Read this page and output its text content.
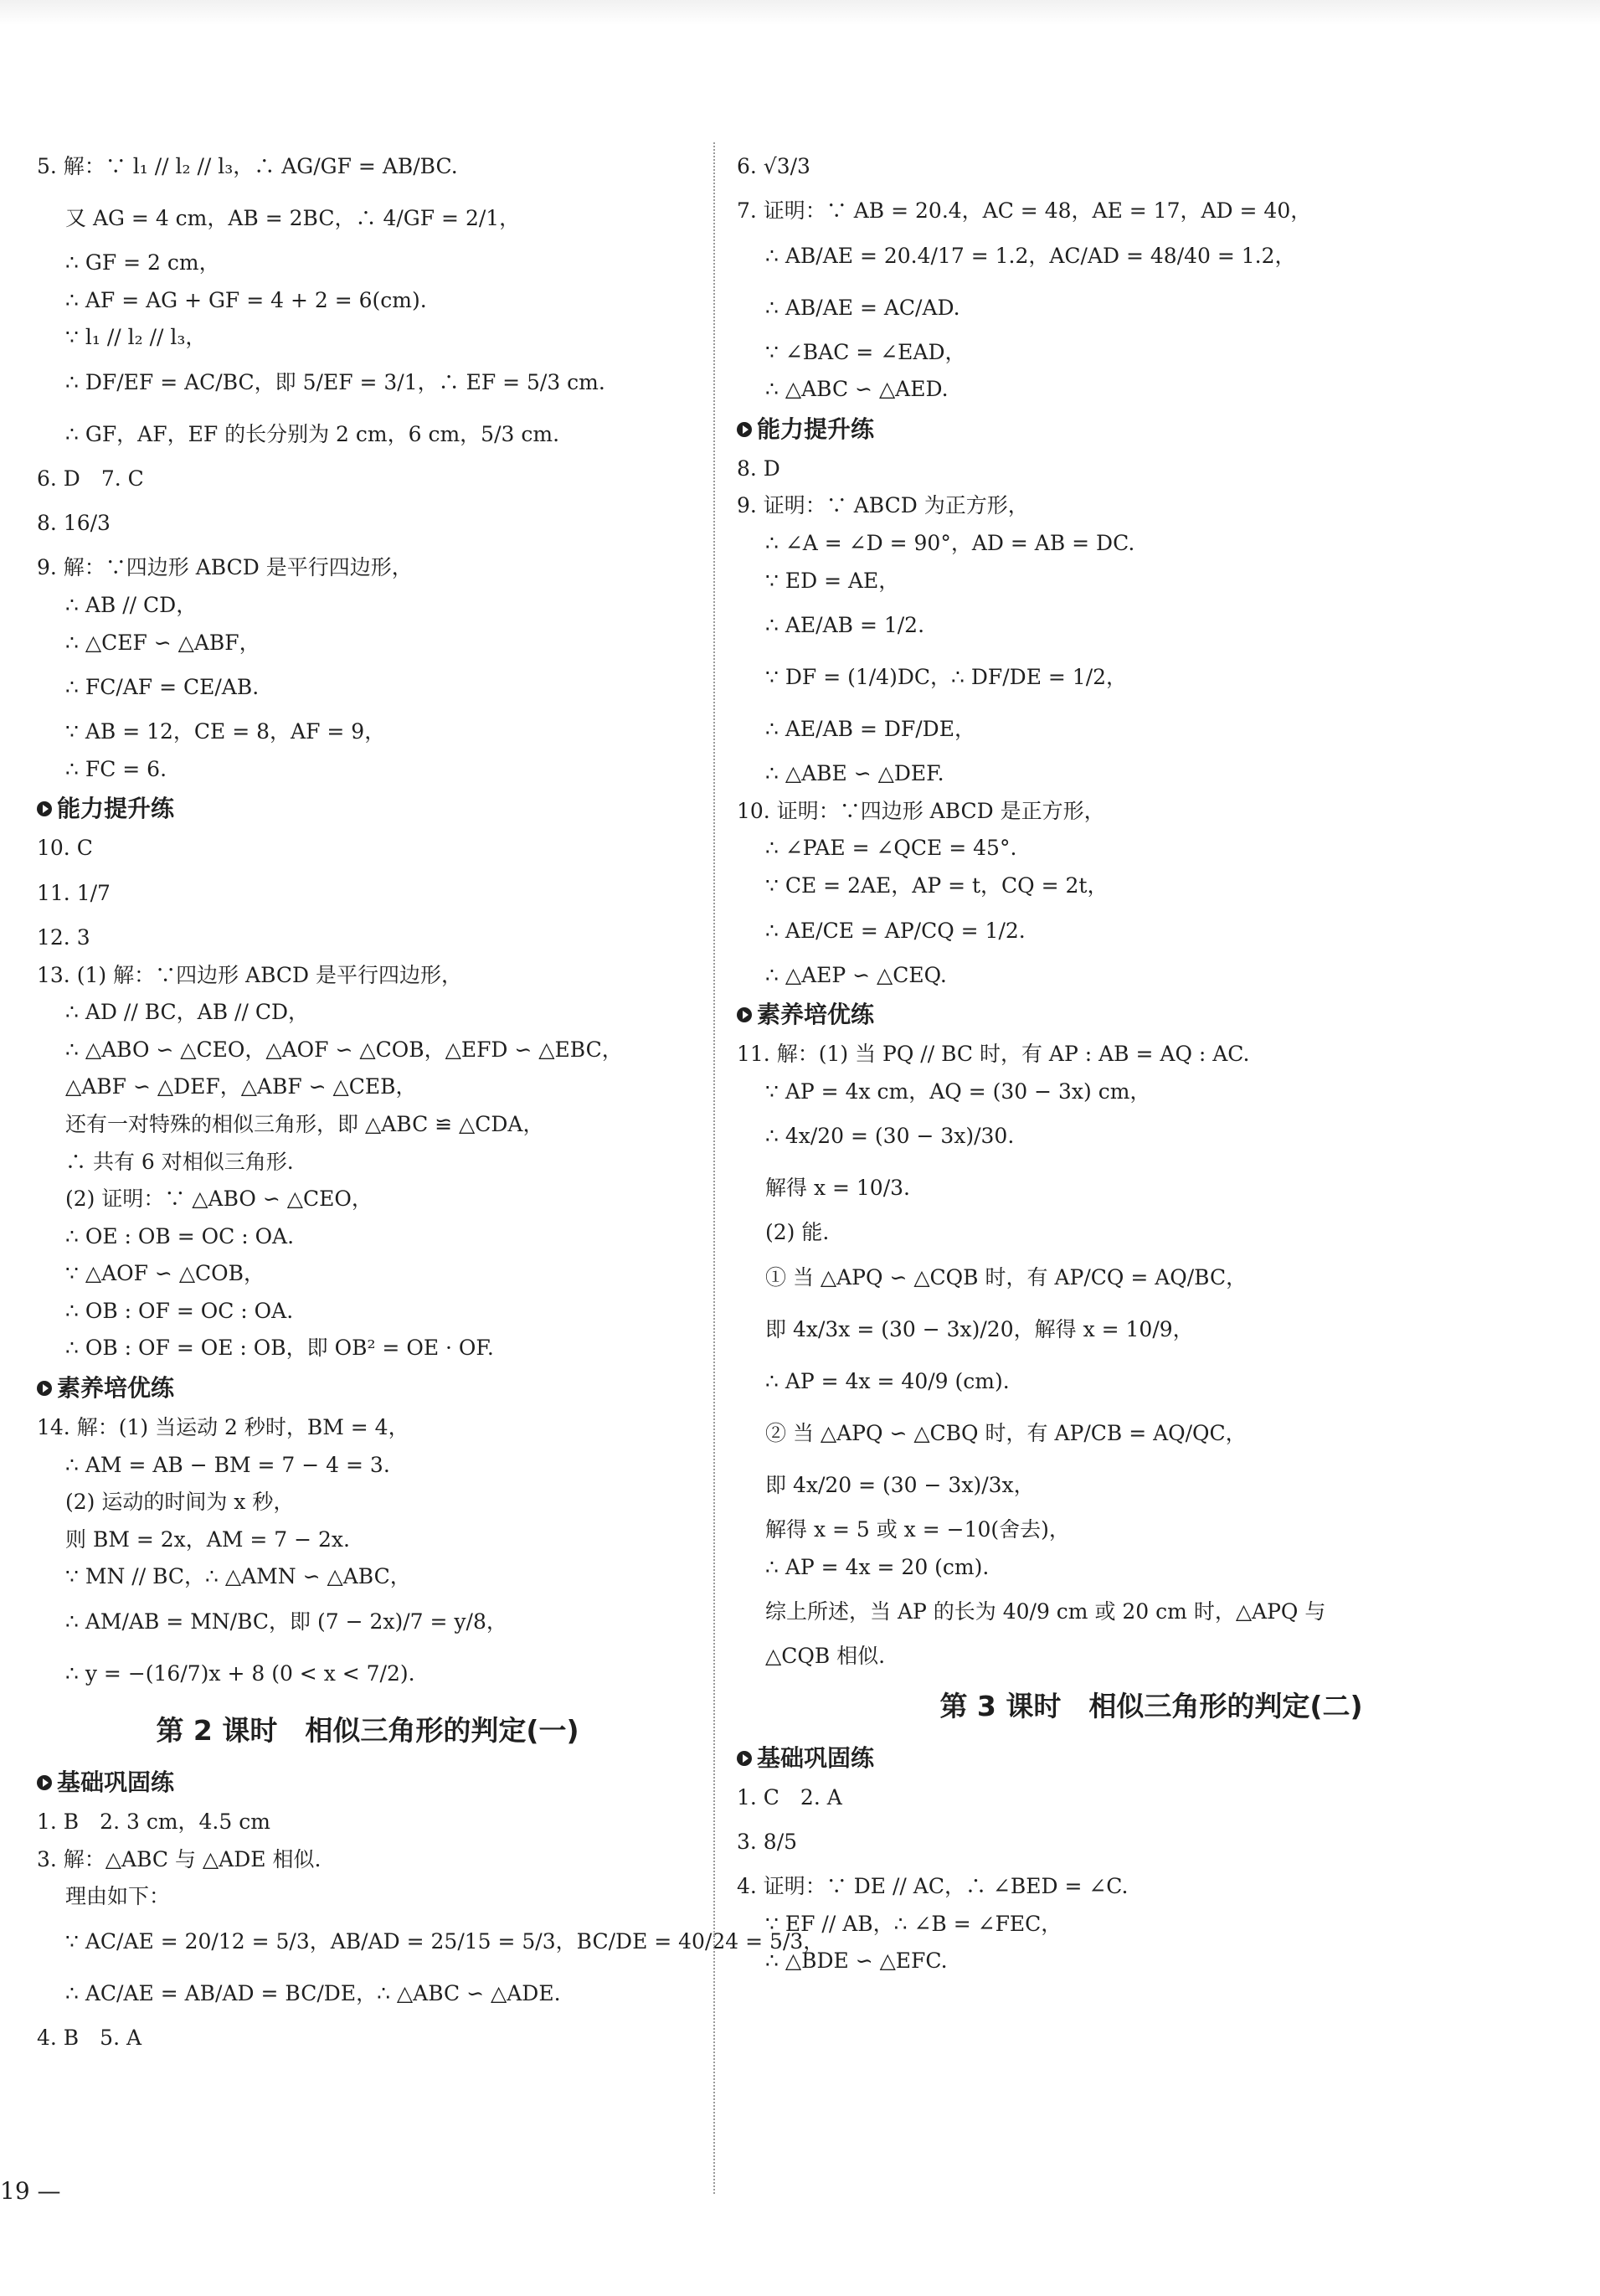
5. 解：∵ l₁ // l₂ // l₃，∴ AG/GF = AB/BC.
又 AG = 4 cm，AB = 2BC，∴ 4/GF = 2/1，
∴ GF = 2 cm，
∴ AF = AG + GF = 4 + 2 = 6(cm).
∵ l₁ // l₂ // l₃，
∴ DF/EF = AC/BC，即 5/EF = 3/1，∴ EF = 5/3 cm.
∴ GF，AF，EF 的长分别为 2 cm，6 cm，5/3 cm.
6. D　7. C
8. 16/3
9. 解：∵四边形 ABCD 是平行四边形，
∴ AB // CD，
∴ △CEF ∽ △ABF，
∴ FC/AF = CE/AB.
∵ AB = 12，CE = 8，AF = 9，
∴ FC = 6.
能力提升练
10. C
11. 1/7
12. 3
13. (1) 解：∵四边形 ABCD 是平行四边形，
∴ AD // BC，AB // CD，
∴ △ABO ∽ △CEO，△AOF ∽ △COB，△EFD ∽ △EBC，
△ABF ∽ △DEF，△ABF ∽ △CEB，
还有一对特殊的相似三角形，即 △ABC ≌ △CDA，
∴ 共有 6 对相似三角形.
(2) 证明：∵ △ABO ∽ △CEO，
∴ OE : OB = OC : OA.
∵ △AOF ∽ △COB，
∴ OB : OF = OC : OA.
∴ OB : OF = OE : OB，即 OB² = OE · OF.
素养培优练
14. 解：(1) 当运动 2 秒时，BM = 4，
∴ AM = AB − BM = 7 − 4 = 3.
(2) 运动的时间为 x 秒，
则 BM = 2x，AM = 7 − 2x.
∵ MN // BC，∴ △AMN ∽ △ABC，
∴ AM/AB = MN/BC，即 (7 − 2x)/7 = y/8，
∴ y = −(16/7)x + 8 (0 < x < 7/2).
第 2 课时　相似三角形的判定(一)
基础巩固练
1. B　2. 3 cm，4.5 cm
3. 解：△ABC 与 △ADE 相似.
理由如下：
∵ AC/AE = 20/12 = 5/3，AB/AD = 25/15 = 5/3，BC/DE = 40/24 = 5/3，
∴ AC/AE = AB/AD = BC/DE，∴ △ABC ∽ △ADE.
4. B　5. A
6. √3/3
7. 证明：∵ AB = 20.4，AC = 48，AE = 17，AD = 40，
∴ AB/AE = 20.4/17 = 1.2，AC/AD = 48/40 = 1.2，
∴ AB/AE = AC/AD.
∵ ∠BAC = ∠EAD，
∴ △ABC ∽ △AED.
能力提升练
8. D
9. 证明：∵ ABCD 为正方形，
∴ ∠A = ∠D = 90°，AD = AB = DC.
∵ ED = AE，
∴ AE/AB = 1/2.
∵ DF = (1/4)DC，∴ DF/DE = 1/2，
∴ AE/AB = DF/DE，
∴ △ABE ∽ △DEF.
10. 证明：∵四边形 ABCD 是正方形，
∴ ∠PAE = ∠QCE = 45°.
∵ CE = 2AE，AP = t，CQ = 2t，
∴ AE/CE = AP/CQ = 1/2.
∴ △AEP ∽ △CEQ.
素养培优练
11. 解：(1) 当 PQ // BC 时，有 AP : AB = AQ : AC.
∵ AP = 4x cm，AQ = (30 − 3x) cm，
∴ 4x/20 = (30 − 3x)/30.
解得 x = 10/3.
(2) 能.
① 当 △APQ ∽ △CQB 时，有 AP/CQ = AQ/BC，
即 4x/3x = (30 − 3x)/20，解得 x = 10/9，
∴ AP = 4x = 40/9 (cm).
② 当 △APQ ∽ △CBQ 时，有 AP/CB = AQ/QC，
即 4x/20 = (30 − 3x)/3x，
解得 x = 5 或 x = −10(舍去)，
∴ AP = 4x = 20 (cm).
综上所述，当 AP 的长为 40/9 cm 或 20 cm 时，△APQ 与
△CQB 相似.
第 3 课时　相似三角形的判定(二)
基础巩固练
1. C　2. A
3. 8/5
4. 证明：∵ DE // AC，∴ ∠BED = ∠C.
∵ EF // AB，∴ ∠B = ∠FEC，
∴ △BDE ∽ △EFC.
19 —
